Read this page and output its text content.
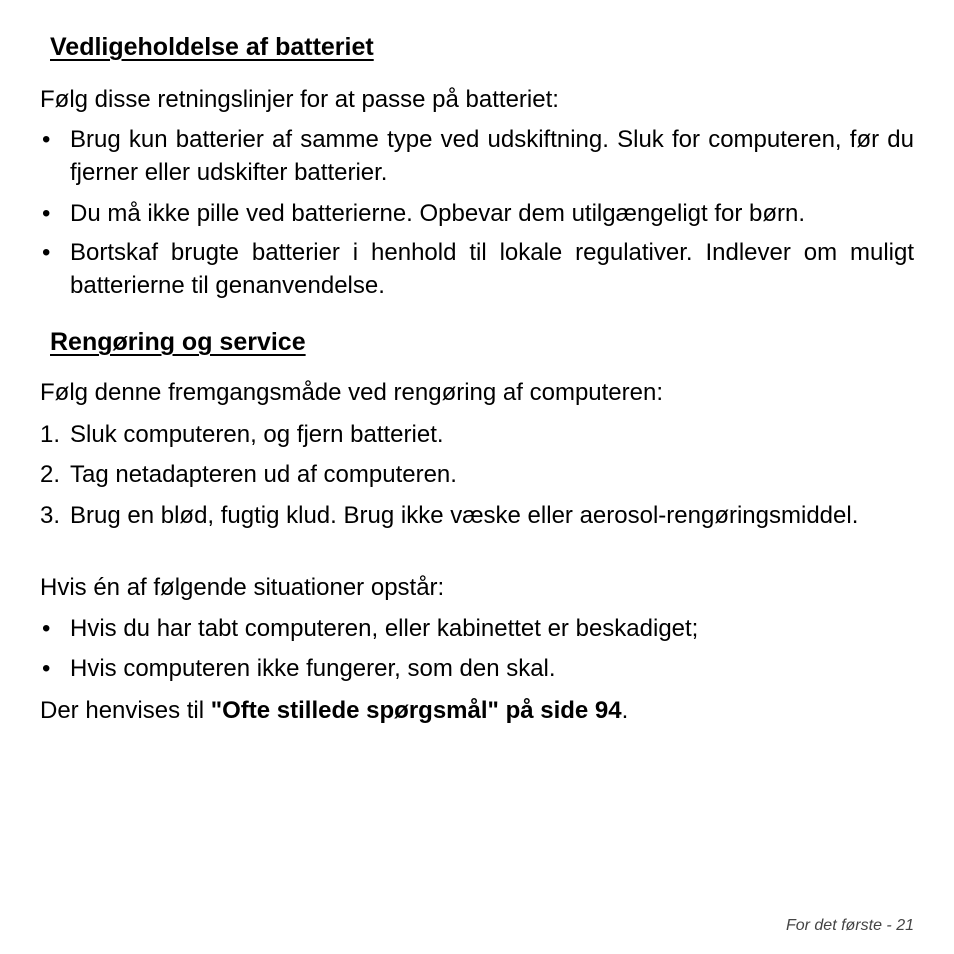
Vedligeholdelse af batteriet
Følg disse retningslinjer for at passe på batteriet:
• Brug kun batterier af samme type ved udskiftning. Sluk for computeren, før du fjerner eller udskifter batterier.
• Du må ikke pille ved batterierne. Opbevar dem utilgængeligt for børn.
• Bortskaf brugte batterier i henhold til lokale regulativer. Indlever om muligt batterierne til genanvendelse.
Rengøring og service
Følg denne fremgangsmåde ved rengøring af computeren:
1. Sluk computeren, og fjern batteriet.
2. Tag netadapteren ud af computeren.
3. Brug en blød, fugtig klud. Brug ikke væske eller aerosol-rengøringsmiddel.
Hvis én af følgende situationer opstår:
• Hvis du har tabt computeren, eller kabinettet er beskadiget;
• Hvis computeren ikke fungerer, som den skal.
Der henvises til "Ofte stillede spørgsmål" på side 94.
For det første - 21
